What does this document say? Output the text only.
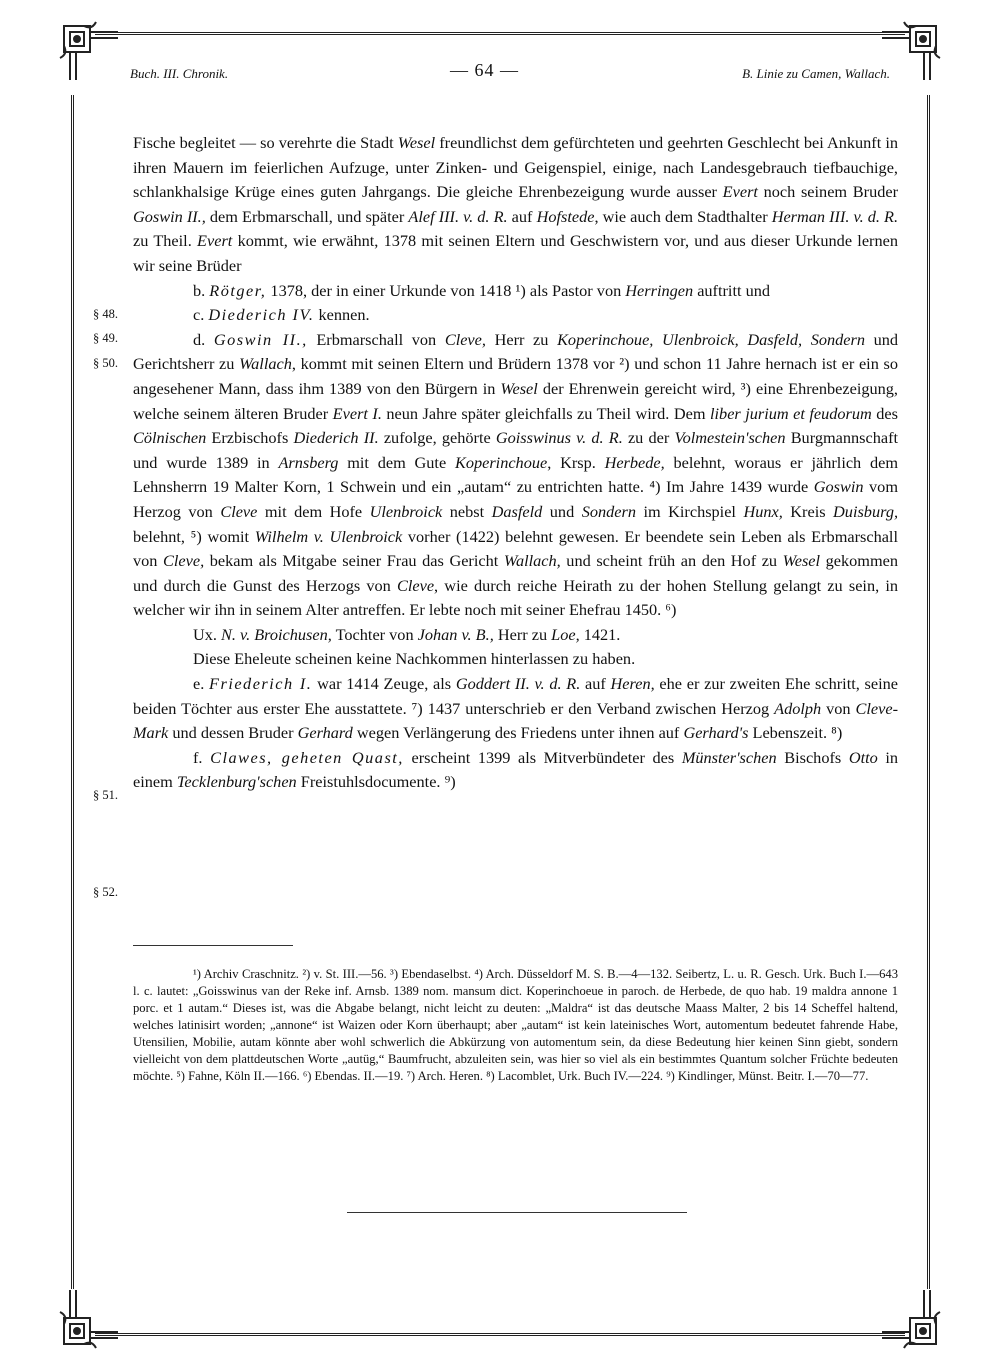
Buch. III. Chronik.	— 64 —	B. Linie zu Camen, Wallach.
§ 48.
§ 49.
§ 50.
§ 51.
§ 52.

Fische begleitet — so verehrte die Stadt Wesel freundlichst dem gefürchteten und geehrten Geschlecht bei Ankunft in ihren Mauern im feierlichen Aufzuge, unter Zinken- und Geigenspiel, einige, nach Landesgebrauch tiefbauchige, schlankhalsige Krüge eines guten Jahrgangs. Die gleiche Ehrenbezeigung wurde ausser Evert noch seinem Bruder Goswin II., dem Erbmarschall, und später Alef III. v. d. R. auf Hofstede, wie auch dem Stadthalter Herman III. v. d. R. zu Theil. Evert kommt, wie erwähnt, 1378 mit seinen Eltern und Geschwistern vor, und aus dieser Urkunde lernen wir seine Brüder

b. Rötger, 1378, der in einer Urkunde von 1418 ¹) als Pastor von Herringen auftritt und

c. Diederich IV. kennen.

d. Goswin II., Erbmarschall von Cleve, Herr zu Koperinchoue, Ulenbroick, Dasfeld, Sondern und Gerichtsherr zu Wallach, kommt mit seinen Eltern und Brüdern 1378 vor ²) und schon 11 Jahre hernach ist er ein so angesehener Mann, dass ihm 1389 von den Bürgern in Wesel der Ehrenwein gereicht wird, ³) eine Ehrenbezeigung, welche seinem älteren Bruder Evert I. neun Jahre später gleichfalls zu Theil wird. Dem liber jurium et feudorum des Cölnischen Erzbischofs Diederich II. zufolge, gehörte Goisswinus v. d. R. zu der Volmestein'schen Burgmannschaft und wurde 1389 in Arnsberg mit dem Gute Koperinchoue, Krsp. Herbede, belehnt, woraus er jährlich dem Lehnsherrn 19 Malter Korn, 1 Schwein und ein „autam“ zu entrichten hatte. ⁴) Im Jahre 1439 wurde Goswin vom Herzog von Cleve mit dem Hofe Ulenbroick nebst Dasfeld und Sondern im Kirchspiel Hunx, Kreis Duisburg, belehnt, ⁵) womit Wilhelm v. Ulenbroick vorher (1422) belehnt gewesen. Er beendete sein Leben als Erbmarschall von Cleve, bekam als Mitgabe seiner Frau das Gericht Wallach, und scheint früh an den Hof zu Wesel gekommen und durch die Gunst des Herzogs von Cleve, wie durch reiche Heirath zu der hohen Stellung gelangt zu sein, in welcher wir ihn in seinem Alter antreffen. Er lebte noch mit seiner Ehefrau 1450. ⁶)

Ux. N. v. Broichusen, Tochter von Johan v. B., Herr zu Loe, 1421.

Diese Eheleute scheinen keine Nachkommen hinterlassen zu haben.

e. Friederich I. war 1414 Zeuge, als Goddert II. v. d. R. auf Heren, ehe er zur zweiten Ehe schritt, seine beiden Töchter aus erster Ehe ausstattete. ⁷) 1437 unterschrieb er den Verband zwischen Herzog Adolph von Cleve-Mark und dessen Bruder Gerhard wegen Verlängerung des Friedens unter ihnen auf Gerhard's Lebenszeit. ⁸)

f. Clawes, geheten Quast, erscheint 1399 als Mitverbündeter des Münster'schen Bischofs Otto in einem Tecklenburg'schen Freistuhlsdocumente. ⁹)

¹) Archiv Craschnitz. ²) v. St. III.—56. ³) Ebendaselbst. ⁴) Arch. Düsseldorf M. S. B.—4—132. Seibertz, L. u. R. Gesch. Urk. Buch I.—643 l. c. lautet: „Goisswinus van der Reke inf. Arnsb. 1389 nom. mansum dict. Koperinchoeue in paroch. de Herbede, de quo hab. 19 maldra annone 1 porc. et 1 autam.“ Dieses ist, was die Abgabe belangt, nicht leicht zu deuten: „Maldra“ ist das deutsche Maass Malter, 2 bis 14 Scheffel haltend, welches latinisirt worden; „annone“ ist Waizen oder Korn überhaupt; aber „autam“ ist kein lateinisches Wort, automentum bedeutet fahrende Habe, Utensilien, Mobilie, autam könnte aber wohl schwerlich die Abkürzung von automentum sein, da diese Bedeutung hier keinen Sinn giebt, sondern vielleicht von dem plattdeutschen Worte „autüg,“ Baumfrucht, abzuleiten sein, was hier so viel als ein bestimmtes Quantum solcher Früchte bedeuten möchte. ⁵) Fahne, Köln II.—166. ⁶) Ebendas. II.—19. ⁷) Arch. Heren. ⁸) Lacomblet, Urk. Buch IV.—224. ⁹) Kindlinger, Münst. Beitr. I.—70—77.
